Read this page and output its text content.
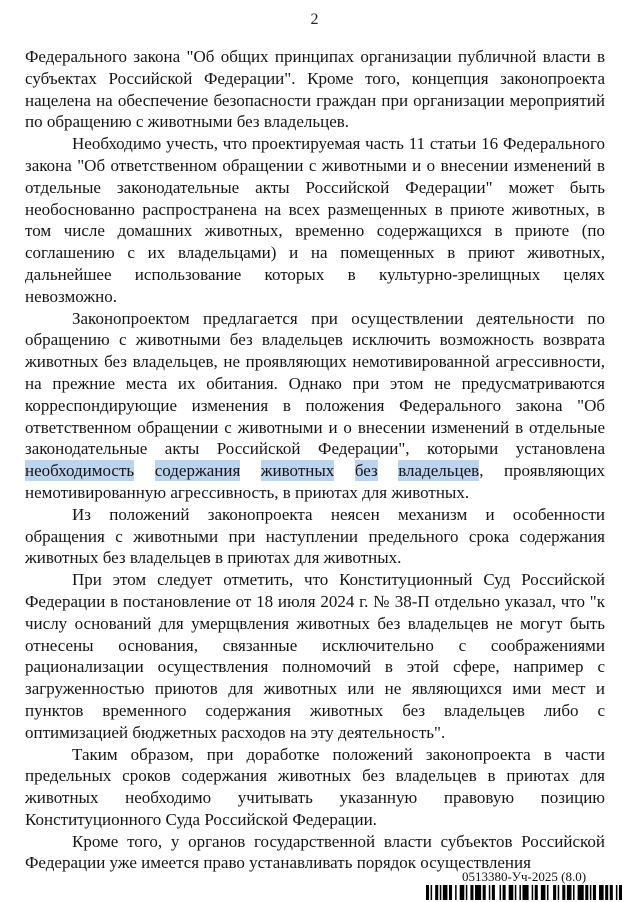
2

Федерального закона "Об общих принципах организации публичной власти в субъектах Российской Федерации". Кроме того, концепция законопроекта нацелена на обеспечение безопасности граждан при организации мероприятий по обращению с животными без владельцев.

Необходимо учесть, что проектируемая часть 11 статьи 16 Федерального закона "Об ответственном обращении с животными и о внесении изменений в отдельные законодательные акты Российской Федерации" может быть необоснованно распространена на всех размещенных в приюте животных, в том числе домашних животных, временно содержащихся в приюте (по соглашению с их владельцами) и на помещенных в приют животных, дальнейшее использование которых в культурно-зрелищных целях невозможно.

Законопроектом предлагается при осуществлении деятельности по обращению с животными без владельцев исключить возможность возврата животных без владельцев, не проявляющих немотивированной агрессивности, на прежние места их обитания. Однако при этом не предусматриваются корреспондирующие изменения в положения Федерального закона "Об ответственном обращении с животными и о внесении изменений в отдельные законодательные акты Российской Федерации", которыми установлена необходимость содержания животных без владельцев, проявляющих немотивированную агрессивность, в приютах для животных.

Из положений законопроекта неясен механизм и особенности обращения с животными при наступлении предельного срока содержания животных без владельцев в приютах для животных.

При этом следует отметить, что Конституционный Суд Российской Федерации в постановление от 18 июля 2024 г. № 38-П отдельно указал, что "к числу оснований для умерщвления животных без владельцев не могут быть отнесены основания, связанные исключительно с соображениями рационализации осуществления полномочий в этой сфере, например с загруженностью приютов для животных или не являющихся ими мест и пунктов временного содержания животных без владельцев либо с оптимизацией бюджетных расходов на эту деятельность".

Таким образом, при доработке положений законопроекта в части предельных сроков содержания животных без владельцев в приютах для животных необходимо учитывать указанную правовую позицию Конституционного Суда Российской Федерации.

Кроме того, у органов государственной власти субъектов Российской Федерации уже имеется право устанавливать порядок осуществления

0513380-Уч-2025 (8.0)
